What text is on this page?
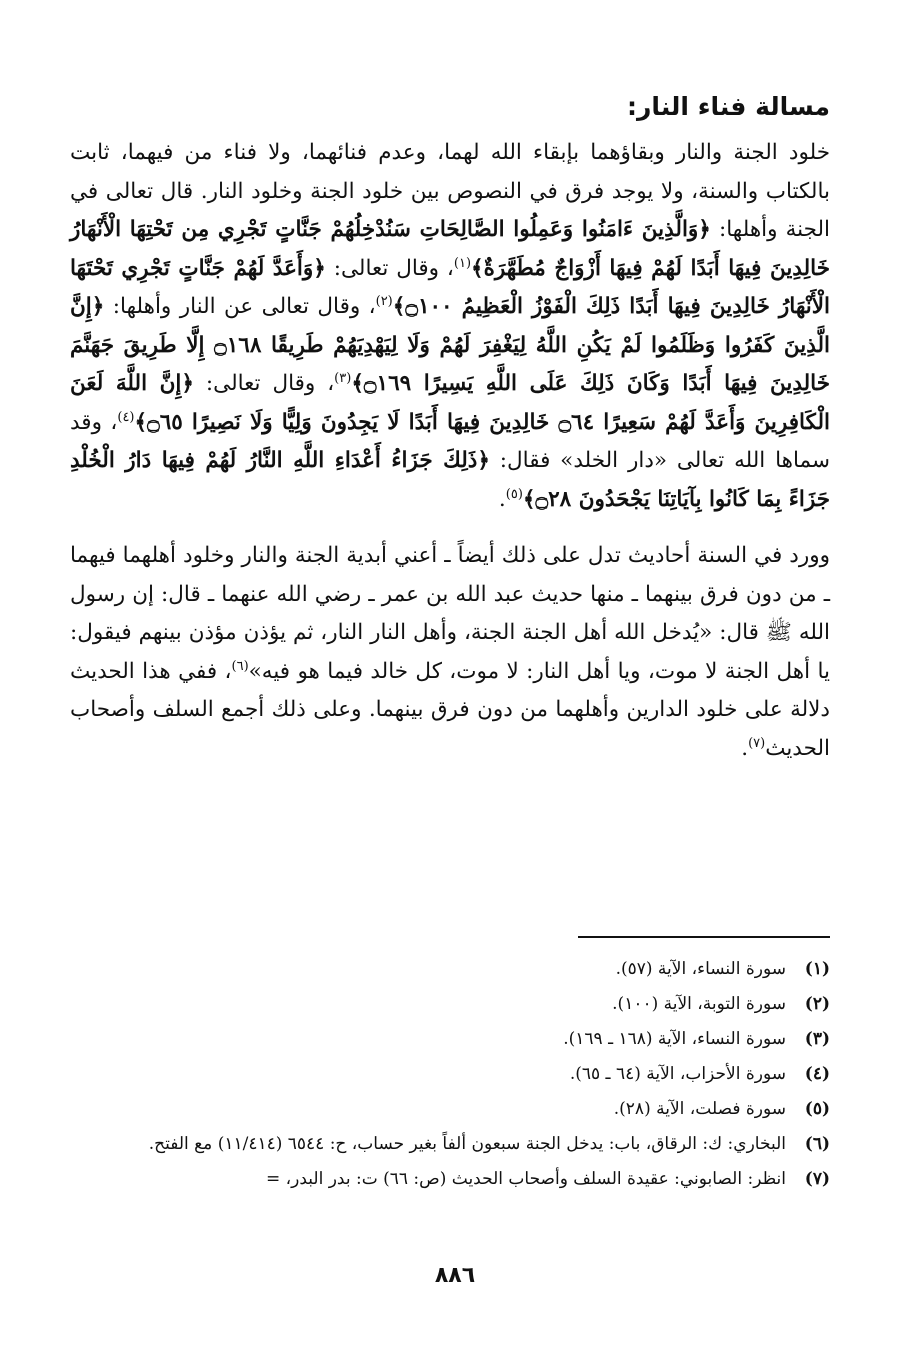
مسالة فناء النار:

خلود الجنة والنار وبقاؤهما بإبقاء الله لهما، وعدم فنائهما، ولا فناء من فيهما، ثابت بالكتاب والسنة، ولا يوجد فرق في النصوص بين خلود الجنة وخلود النار. قال تعالى في الجنة وأهلها: ﴿وَالَّذِينَ ءَامَنُوا وَعَمِلُوا الصَّالِحَاتِ سَنُدْخِلُهُمْ جَنَّاتٍ تَجْرِي مِن تَحْتِهَا الْأَنْهَارُ خَالِدِينَ فِيهَا أَبَدًا لَهُمْ فِيهَا أَزْوَاجٌ مُطَهَّرَةٌ﴾$^{(١)}$، وقال تعالى: ﴿وَأَعَدَّ لَهُمْ جَنَّاتٍ تَجْرِي تَحْتَهَا الْأَنْهَارُ خَالِدِينَ فِيهَا أَبَدًا ذَلِكَ الْفَوْزُ الْعَظِيمُ ۝١٠٠﴾$^{(٢)}$، وقال تعالى عن النار وأهلها: ﴿إِنَّ الَّذِينَ كَفَرُوا وَظَلَمُوا لَمْ يَكُنِ اللَّهُ لِيَغْفِرَ لَهُمْ وَلَا لِيَهْدِيَهُمْ طَرِيقًا ۝١٦٨ إِلَّا طَرِيقَ جَهَنَّمَ خَالِدِينَ فِيهَا أَبَدًا وَكَانَ ذَلِكَ عَلَى اللَّهِ يَسِيرًا ۝١٦٩﴾$^{(٣)}$، وقال تعالى: ﴿إِنَّ اللَّهَ لَعَنَ الْكَافِرِينَ وَأَعَدَّ لَهُمْ سَعِيرًا ۝٦٤ خَالِدِينَ فِيهَا أَبَدًا لَا يَجِدُونَ وَلِيًّا وَلَا نَصِيرًا ۝٦٥﴾$^{(٤)}$، وقد سماها الله تعالى «دار الخلد» فقال: ﴿ذَلِكَ جَزَاءُ أَعْدَاءِ اللَّهِ النَّارُ لَهُمْ فِيهَا دَارُ الْخُلْدِ جَزَاءً بِمَا كَانُوا بِآيَاتِنَا يَجْحَدُونَ ۝٢٨﴾$^{(٥)}$.

وورد في السنة أحاديث تدل على ذلك أيضاً ـ أعني أبدية الجنة والنار وخلود أهلهما فيهما ـ من دون فرق بينهما ـ منها حديث عبد الله بن عمر ـ رضي الله عنهما ـ قال: إن رسول الله ﷺ قال: «يُدخل الله أهل الجنة الجنة، وأهل النار النار، ثم يؤذن مؤذن بينهم فيقول: يا أهل الجنة لا موت، ويا أهل النار: لا موت، كل خالد فيما هو فيه»$^{(٦)}$، ففي هذا الحديث دلالة على خلود الدارين وأهلهما من دون فرق بينهما. وعلى ذلك أجمع السلف وأصحاب الحديث$^{(٧)}$.

(١)
سورة النساء، الآية (٥٧).
(٢)
سورة التوبة، الآية (١٠٠).
(٣)
سورة النساء، الآية (١٦٨ ـ ١٦٩).
(٤)
سورة الأحزاب، الآية (٦٤ ـ ٦٥).
(٥)
سورة فصلت، الآية (٢٨).
(٦)
البخاري: ك: الرقاق، باب: يدخل الجنة سبعون ألفاً بغير حساب، ح: ٦٥٤٤ (١١/٤١٤) مع الفتح.
(٧)
انظر: الصابوني: عقيدة السلف وأصحاب الحديث (ص: ٦٦) ت: بدر البدر، =
٨٨٦
